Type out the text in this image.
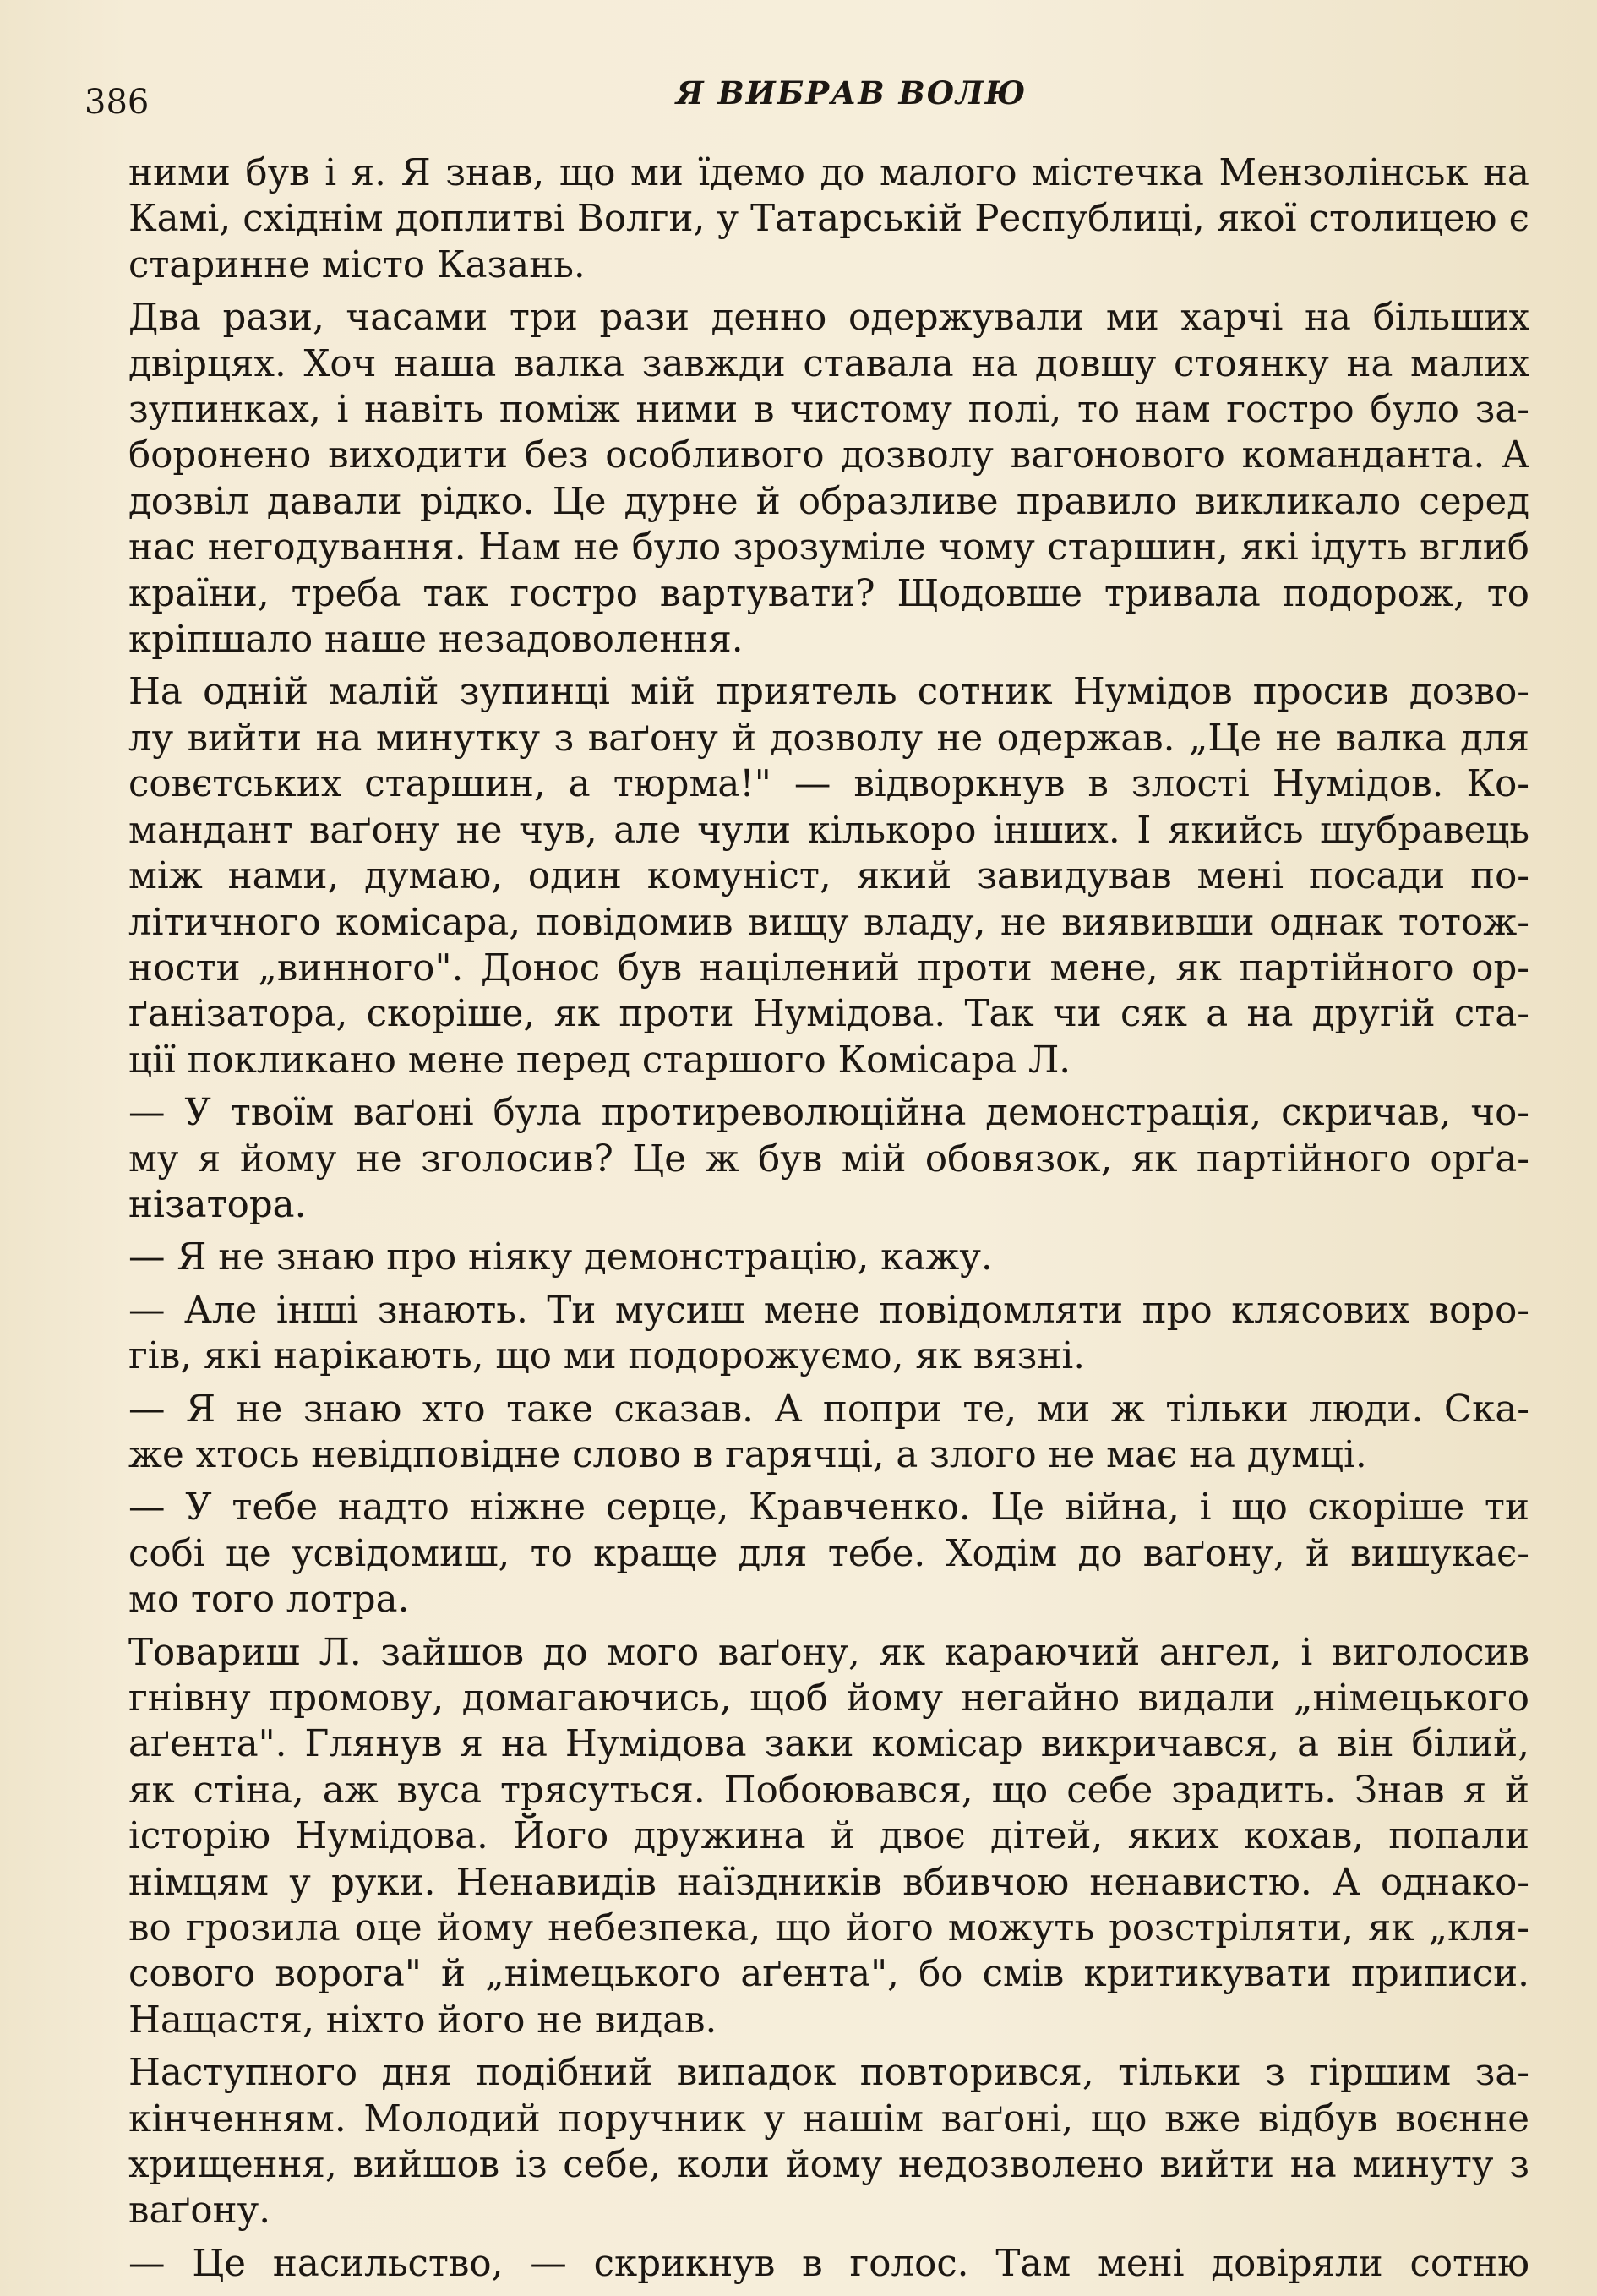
386	Я ВИБРАВ ВОЛЮ
ними був і я. Я знав, що ми їдемо до малого містечка Мензолінськ на
Камі, східнім доплитві Волги, у Татарській Республиці, якої столицею є
старинне місто Казань.
Два рази, часами три рази денно одержували ми харчі на більших
двірцях. Хоч наша валка завжди ставала на довшу стоянку на малих
зупинках, і навіть поміж ними в чистому полі, то нам гостро було за-
боронено виходити без особливого дозволу вагонового команданта. А
дозвіл давали рідко. Це дурне й образливе правило викликало серед
нас негодування. Нам не було зрозуміле чому старшин, які ідуть вглиб
країни, треба так гостро вартувати? Щодовше тривала подорож, то
кріпшало наше незадоволення.
На одній малій зупинці мій приятель сотник Нумідов просив дозво-
лу вийти на минутку з ваґону й дозволу не одержав. „Це не валка для
совєтських старшин, а тюрма!" — відворкнув в злості Нумідов. Ко-
мандант ваґону не чув, але чули кількоро інших. І якийсь шубравець
між нами, думаю, один комуніст, який завидував мені посади по-
літичного комісара, повідомив вищу владу, не виявивши однак тотож-
ности „винного". Донос був націлений проти мене, як партійного ор-
ґанізатора, скоріше, як проти Нумідова. Так чи сяк а на другій ста-
ції покликано мене перед старшого Комісара Л.
— У твоїм ваґоні була протиреволюційна демонстрація, скричав, чо-
му я йому не зголосив? Це ж був мій обовязок, як партійного орґа-
нізатора.
— Я не знаю про ніяку демонстрацію, кажу.
— Але інші знають. Ти мусиш мене повідомляти про клясових воро-
гів, які нарікають, що ми подорожуємо, як вязні.
— Я не знаю хто таке сказав. А попри те, ми ж тільки люди. Ска-
же хтось невідповідне слово в гарячці, а злого не має на думці.
— У тебе надто ніжне серце, Кравченко. Це війна, і що скоріше ти
собі це усвідомиш, то краще для тебе. Ходім до ваґону, й вишукає-
мо того лотра.
Товариш Л. зайшов до мого ваґону, як караючий ангел, і виголосив
гнівну промову, домагаючись, щоб йому негайно видали „німецького
аґента". Глянув я на Нумідова заки комісар викричався, а він білий,
як стіна, аж вуса трясуться. Побоювався, що себе зрадить. Знав я й
історію Нумідова. Його дружина й двоє дітей, яких кохав, попали
німцям у руки. Ненавидів наїздників вбивчою ненавистю. А однако-
во грозила оце йому небезпека, що його можуть розстріляти, як „кля-
сового ворога" й „німецького аґента", бо смів критикувати приписи.
Нащастя, ніхто його не видав.
Наступного дня подібний випадок повторився, тільки з гіршим за-
кінченням. Молодий поручник у нашім ваґоні, що вже відбув воєнне
хрищення, вийшов із себе, коли йому недозволено вийти на минуту з
ваґону.
— Це насильство, — скрикнув в голос. Там мені довіряли сотню
